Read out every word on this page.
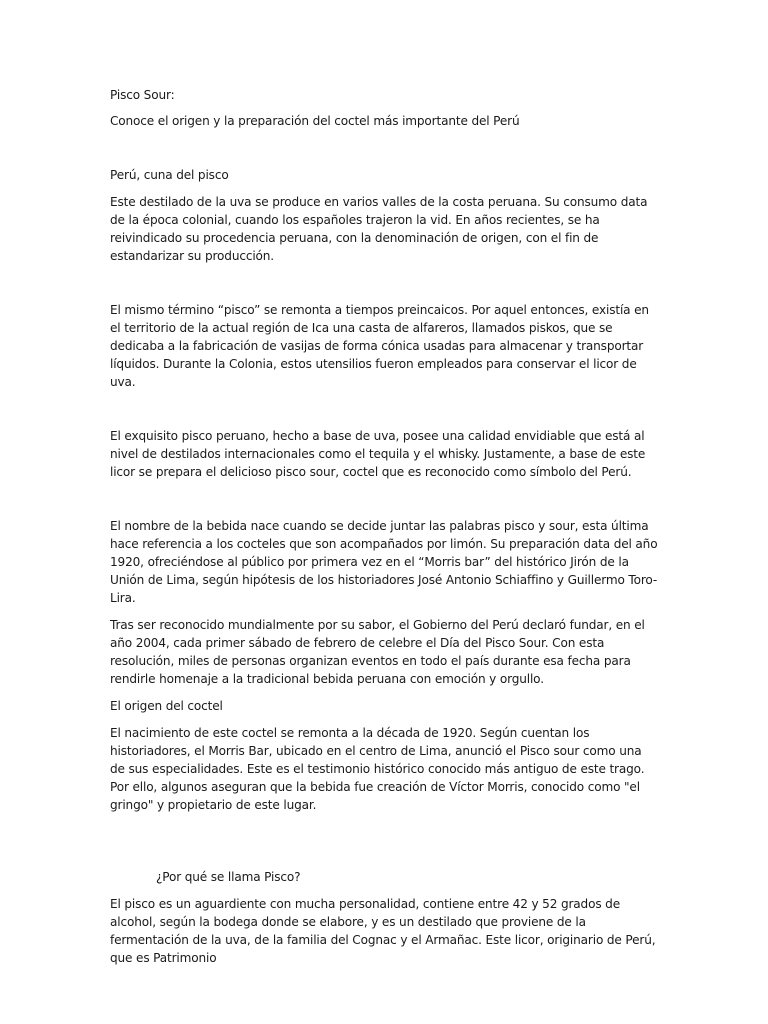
Pisco Sour:

Conoce el origen y la preparación del coctel más importante del Perú

Perú, cuna del pisco

Este destilado de la uva se produce en varios valles de la costa peruana. Su consumo data de la época colonial, cuando los españoles trajeron la vid. En años recientes, se ha reivindicado su procedencia peruana, con la denominación de origen, con el fin de estandarizar su producción.

El mismo término “pisco” se remonta a tiempos preincaicos. Por aquel entonces, existía en el territorio de la actual región de Ica una casta de alfareros, llamados piskos, que se dedicaba a la fabricación de vasijas de forma cónica usadas para almacenar y transportar líquidos. Durante la Colonia, estos utensilios fueron empleados para conservar el licor de uva.

El exquisito pisco peruano, hecho a base de uva, posee una calidad envidiable que está al nivel de destilados internacionales como el tequila y el whisky. Justamente, a base de este licor se prepara el delicioso pisco sour, coctel que es reconocido como símbolo del Perú.

El nombre de la bebida nace cuando se decide juntar las palabras pisco y sour, esta última hace referencia a los cocteles que son acompañados por limón. Su preparación data del año 1920, ofreciéndose al público por primera vez en el “Morris bar” del histórico Jirón de la Unión de Lima, según hipótesis de los historiadores José Antonio Schiaffino y Guillermo Toro-Lira.

Tras ser reconocido mundialmente por su sabor, el Gobierno del Perú declaró fundar, en el año 2004, cada primer sábado de febrero de celebre el Día del Pisco Sour. Con esta resolución, miles de personas organizan eventos en todo el país durante esa fecha para rendirle homenaje a la tradicional bebida peruana con emoción y orgullo.

El origen del coctel

El nacimiento de este coctel se remonta a la década de 1920. Según cuentan los historiadores, el Morris Bar, ubicado en el centro de Lima, anunció el Pisco sour como una de sus especialidades. Este es el testimonio histórico conocido más antiguo de este trago. Por ello, algunos aseguran que la bebida fue creación de Víctor Morris, conocido como "el gringo" y propietario de este lugar.

¿Por qué se llama Pisco?

El pisco es un aguardiente con mucha personalidad, contiene entre 42 y 52 grados de alcohol, según la bodega donde se elabore, y es un destilado que proviene de la fermentación de la uva, de la familia del Cognac y el Armañac. Este licor, originario de Perú, que es Patrimonio
